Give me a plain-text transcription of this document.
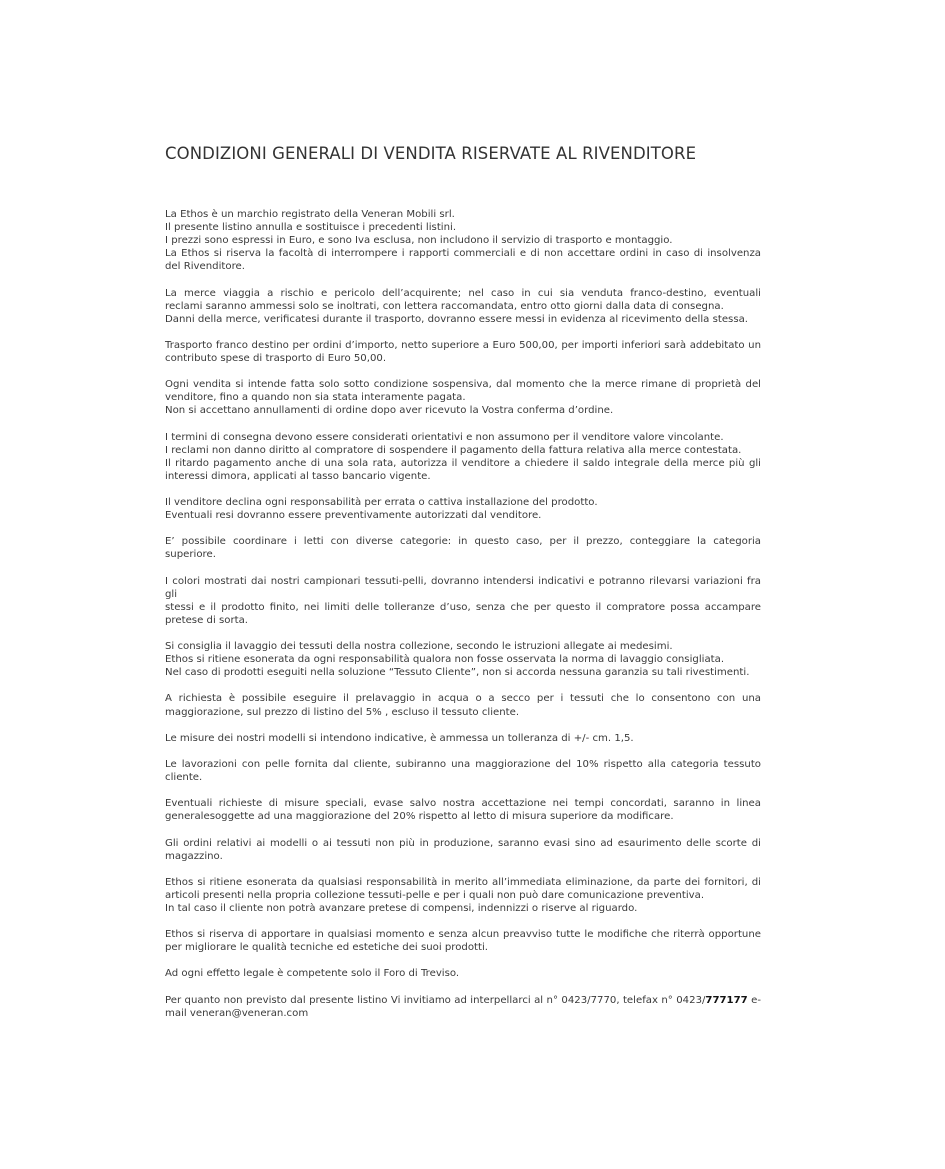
CONDIZIONI GENERALI DI VENDITA RISERVATE AL RIVENDITORE

La Ethos è un marchio registrato della Veneran Mobili srl.
Il presente listino annulla e sostituisce i precedenti listini.
I prezzi sono espressi in Euro, e sono Iva esclusa, non includono il servizio di trasporto e montaggio.
La Ethos si riserva la facoltà di interrompere i rapporti commerciali e di non accettare ordini in caso di insolvenza
del Rivenditore.

La merce viaggia a rischio e pericolo dell’acquirente; nel caso in cui sia venduta franco-destino, eventuali
reclami saranno ammessi solo se inoltrati, con lettera raccomandata, entro otto giorni dalla data di consegna.
Danni della merce, verificatesi durante il trasporto, dovranno essere messi in evidenza al ricevimento della stessa.

Trasporto franco destino per ordini d’importo, netto superiore a Euro 500,00, per importi inferiori sarà addebitato un
contributo spese di trasporto di Euro 50,00.

Ogni vendita si intende fatta solo sotto condizione sospensiva, dal momento che la merce rimane di proprietà del
venditore, fino a quando non sia stata interamente pagata.
Non si accettano annullamenti di ordine dopo aver ricevuto la Vostra conferma d’ordine.

I termini di consegna devono essere considerati orientativi e non assumono per il venditore valore vincolante.
I reclami non danno diritto al compratore di sospendere il pagamento della fattura relativa alla merce contestata.
Il ritardo pagamento anche di una sola rata, autorizza il venditore a chiedere il saldo integrale della merce più gli
interessi dimora, applicati al tasso bancario vigente.

Il venditore declina ogni responsabilità per errata o cattiva installazione del prodotto.
Eventuali resi dovranno essere preventivamente autorizzati dal venditore.

E’ possibile coordinare i letti con diverse categorie: in questo caso, per il prezzo, conteggiare la categoria
superiore.

I colori mostrati dai nostri campionari tessuti-pelli, dovranno intendersi indicativi e potranno rilevarsi variazioni fra gli
stessi e il prodotto finito, nei limiti delle tolleranze d’uso, senza che per questo il compratore possa accampare
pretese di sorta.

Si consiglia il lavaggio dei tessuti della nostra collezione, secondo le istruzioni allegate ai medesimi.
Ethos si ritiene esonerata da ogni responsabilità qualora non fosse osservata la norma di lavaggio consigliata.
Nel caso di prodotti eseguiti nella soluzione “Tessuto Cliente”, non si accorda nessuna garanzia su tali rivestimenti.

A richiesta è possibile eseguire il prelavaggio in acqua o a secco per i tessuti che lo consentono con una
maggiorazione, sul prezzo di listino del 5% , escluso il tessuto cliente.

Le misure dei nostri modelli si intendono indicative, è ammessa un tolleranza di +/- cm. 1,5.

Le lavorazioni con pelle fornita dal cliente, subiranno una maggiorazione del 10% rispetto alla categoria tessuto
cliente.

Eventuali richieste di misure speciali, evase salvo nostra accettazione nei tempi concordati, saranno in linea
generalesoggette ad una maggiorazione del 20% rispetto al letto di misura superiore da modificare.

Gli ordini relativi ai modelli o ai tessuti non più in produzione, saranno evasi sino ad esaurimento delle scorte di
magazzino.

Ethos si ritiene esonerata da qualsiasi responsabilità in merito all’immediata eliminazione, da parte dei fornitori, di
articoli presenti nella propria collezione tessuti-pelle e per i quali non può dare comunicazione preventiva.
In tal caso il cliente non potrà avanzare pretese di compensi, indennizzi o riserve al riguardo.

Ethos si riserva di apportare in qualsiasi momento e senza alcun preavviso tutte le modifiche che riterrà opportune
per migliorare le qualità tecniche ed estetiche dei suoi prodotti.

Ad ogni effetto legale è competente solo il Foro di Treviso.

Per quanto non previsto dal presente listino Vi invitiamo ad interpellarci al n° 0423/7770, telefax n° 0423/777177 e-
mail veneran@veneran.com
